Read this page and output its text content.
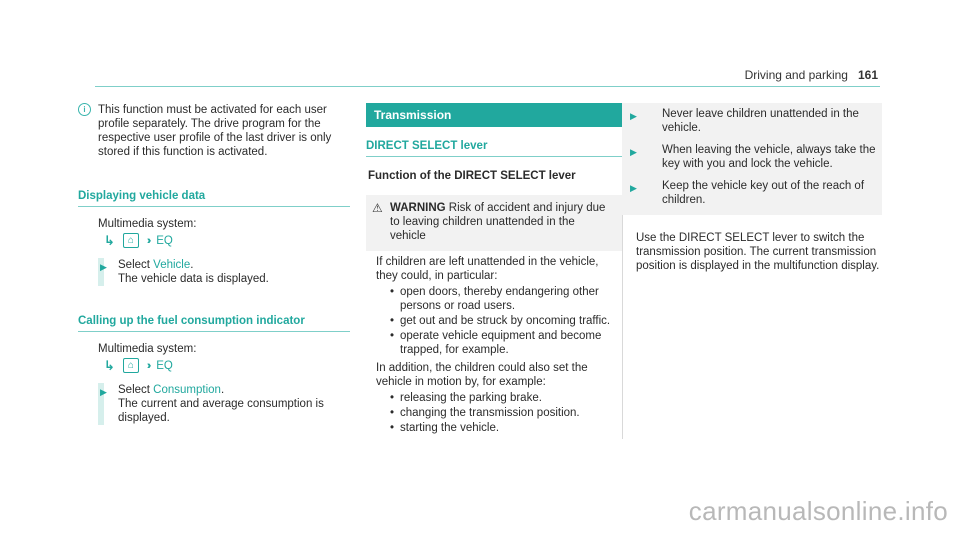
Driving and parking 161
i	This function must be activated for each user profile separately. The drive program for the respective user profile of the last driver is only stored if this function is activated.
Displaying vehicle data
Multimedia system:
↳	⌂	›› EQ
▶ Select Vehicle.
The vehicle data is displayed.
Calling up the fuel consumption indicator
Multimedia system:
↳	⌂	›› EQ
▶ Select Consumption.
The current and average consumption is displayed.
Transmission
DIRECT SELECT lever
Function of the DIRECT SELECT lever
⚠ WARNING Risk of accident and injury due to leaving children unattended in the vehicle
If children are left unattended in the vehicle, they could, in particular:
• open doors, thereby endangering other persons or road users.
• get out and be struck by oncoming traffic.
• operate vehicle equipment and become trapped, for example.
In addition, the children could also set the vehicle in motion by, for example:
• releasing the parking brake.
• changing the transmission position.
• starting the vehicle.
▶	Never leave children unattended in the vehicle.
▶	When leaving the vehicle, always take the key with you and lock the vehicle.
▶	Keep the vehicle key out of the reach of children.
Use the DIRECT SELECT lever to switch the transmission position. The current transmission position is displayed in the multifunction display.
carmanualsonline.info
